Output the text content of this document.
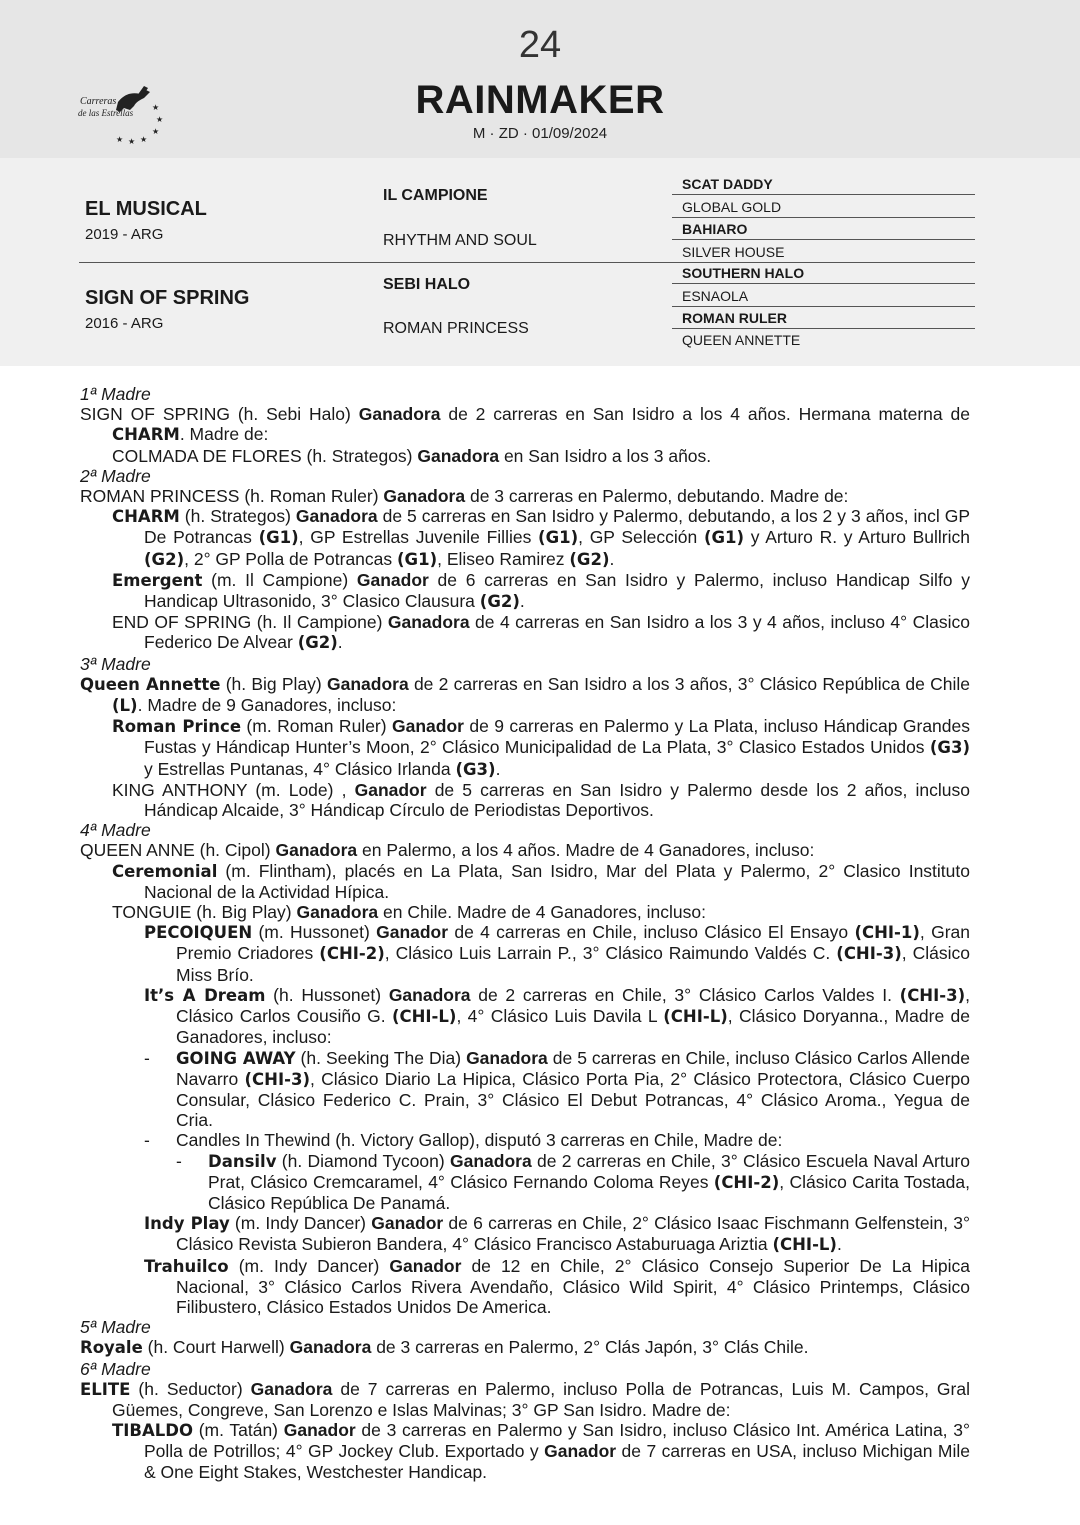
Carreras
de las Estrellas
★
★
★
★
★
★
24
RAINMAKER
M · ZD · 01/09/2024
EL MUSICAL
2019 - ARG
SIGN OF SPRING
2016 - ARG
IL CAMPIONE
RHYTHM AND SOUL
SEBI HALO
ROMAN PRINCESS
SCAT DADDY
GLOBAL GOLD
BAHIARO
SILVER HOUSE
SOUTHERN HALO
ESNAOLA
ROMAN RULER
QUEEN ANNETTE
1ª Madre
SIGN OF SPRING (h. Sebi Halo) Ganadora de 2 carreras en San Isidro a los 4 años. Hermana materna de CHARM. Madre de:
COLMADA DE FLORES (h. Strategos) Ganadora en San Isidro a los 3 años.
2ª Madre
ROMAN PRINCESS (h. Roman Ruler) Ganadora de 3 carreras en Palermo, debutando. Madre de:
CHARM (h. Strategos) Ganadora de 5 carreras en San Isidro y Palermo, debutando, a los 2 y 3 años, incl GP De Potrancas (G1), GP Estrellas Juvenile Fillies (G1), GP Selección (G1) y Arturo R. y Arturo Bullrich (G2), 2° GP Polla de Potrancas (G1), Eliseo Ramirez (G2).
Emergent (m. Il Campione) Ganador de 6 carreras en San Isidro y Palermo, incluso Handicap Silfo y Handicap Ultrasonido, 3° Clasico Clausura (G2).
END OF SPRING (h. Il Campione) Ganadora de 4 carreras en San Isidro a los 3 y 4 años, incluso 4° Clasico Federico De Alvear (G2).
3ª Madre
Queen Annette (h. Big Play) Ganadora de 2 carreras en San Isidro a los 3 años, 3° Clásico República de Chile (L). Madre de 9 Ganadores, incluso:
Roman Prince (m. Roman Ruler) Ganador de 9 carreras en Palermo y La Plata, incluso Hándicap Grandes Fustas y Hándicap Hunter’s Moon, 2° Clásico Municipalidad de La Plata, 3° Clasico Estados Unidos (G3) y Estrellas Puntanas, 4° Clásico Irlanda (G3).
KING ANTHONY (m. Lode) , Ganador de 5 carreras en San Isidro y Palermo desde los 2 años, incluso Hándicap Alcaide, 3° Hándicap Círculo de Periodistas Deportivos.
4ª Madre
QUEEN ANNE (h. Cipol) Ganadora en Palermo, a los 4 años. Madre de 4 Ganadores, incluso:
Ceremonial (m. Flintham), placés en La Plata, San Isidro, Mar del Plata y Palermo, 2° Clasico Instituto Nacional de la Actividad Hípica.
TONGUIE (h. Big Play) Ganadora en Chile. Madre de 4 Ganadores, incluso:
PECOIQUEN (m. Hussonet) Ganador de 4 carreras en Chile, incluso Clásico El Ensayo (CHI-1), Gran Premio Criadores (CHI-2), Clásico Luis Larrain P., 3° Clásico Raimundo Valdés C. (CHI-3), Clásico Miss Brío.
It’s A Dream (h. Hussonet) Ganadora de 2 carreras en Chile, 3° Clásico Carlos Valdes I. (CHI-3), Clásico Carlos Cousiño G. (CHI-L), 4° Clásico Luis Davila L (CHI-L), Clásico Doryanna., Madre de Ganadores, incluso:
- GOING AWAY (h. Seeking The Dia) Ganadora de 5 carreras en Chile, incluso Clásico Carlos Allende Navarro (CHI-3), Clásico Diario La Hipica, Clásico Porta Pia, 2° Clásico Protectora, Clásico Cuerpo Consular, Clásico Federico C. Prain, 3° Clásico El Debut Potrancas, 4° Clásico Aroma., Yegua de Cria.
- Candles In Thewind (h. Victory Gallop), disputó 3 carreras en Chile, Madre de:
- Dansilv (h. Diamond Tycoon) Ganadora de 2 carreras en Chile, 3° Clásico Escuela Naval Arturo Prat, Clásico Cremcaramel, 4° Clásico Fernando Coloma Reyes (CHI-2), Clásico Carita Tostada, Clásico República De Panamá.
Indy Play (m. Indy Dancer) Ganador de 6 carreras en Chile, 2° Clásico Isaac Fischmann Gelfenstein, 3° Clásico Revista Subieron Bandera, 4° Clásico Francisco Astaburuaga Ariztia (CHI-L).
Trahuilco (m. Indy Dancer) Ganador de 12 en Chile, 2° Clásico Consejo Superior De La Hipica Nacional, 3° Clásico Carlos Rivera Avendaño, Clásico Wild Spirit, 4° Clásico Printemps, Clásico Filibustero, Clásico Estados Unidos De America.
5ª Madre
Royale (h. Court Harwell) Ganadora de 3 carreras en Palermo, 2° Clás Japón, 3° Clás Chile.
6ª Madre
ELITE (h. Seductor) Ganadora de 7 carreras en Palermo, incluso Polla de Potrancas, Luis M. Campos, Gral Güemes, Congreve, San Lorenzo e Islas Malvinas; 3° GP San Isidro. Madre de:
TIBALDO (m. Tatán) Ganador de 3 carreras en Palermo y San Isidro, incluso Clásico Int. América Latina, 3° Polla de Potrillos; 4° GP Jockey Club. Exportado y Ganador de 7 carreras en USA, incluso Michigan Mile & One Eight Stakes, Westchester Handicap.
